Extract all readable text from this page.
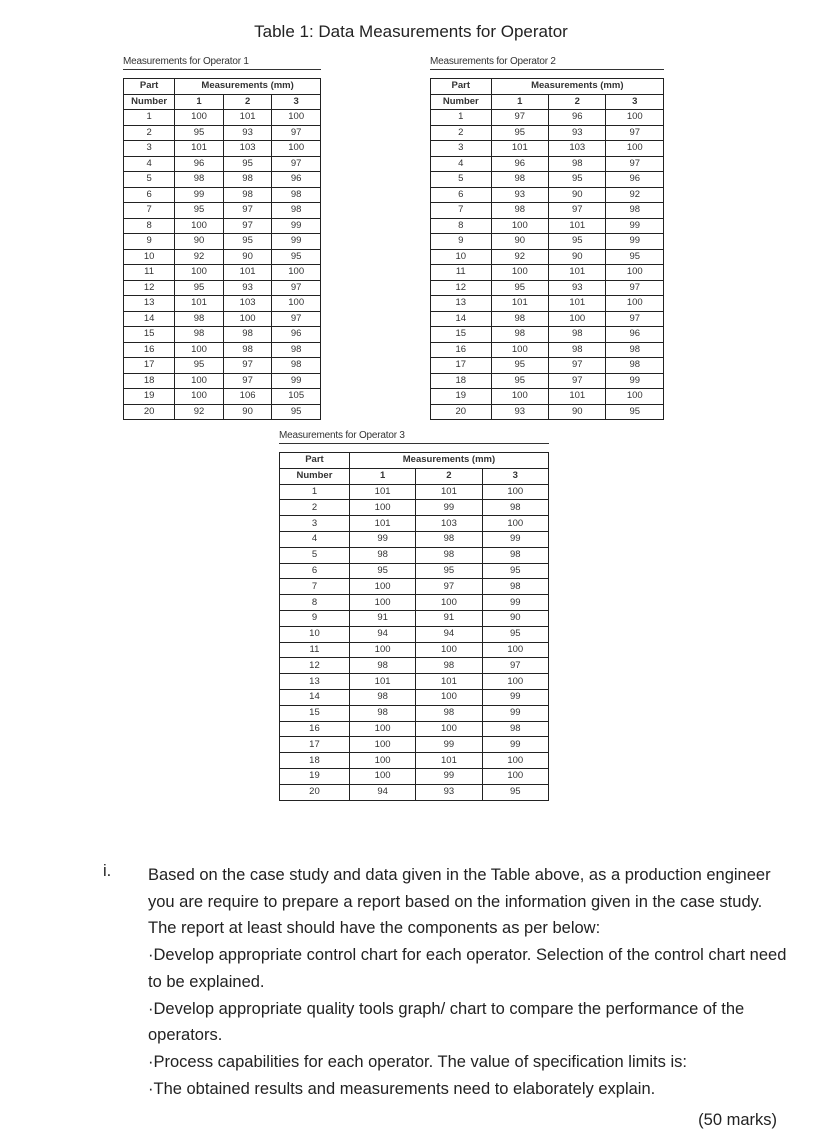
Table 1: Data Measurements for Operator
Measurements for Operator 1
Part	Measurements (mm)		
Number	1	2	3
1	100	101	100
2	95	93	97
3	101	103	100
4	96	95	97
5	98	98	96
6	99	98	98
7	95	97	98
8	100	97	99
9	90	95	99
10	92	90	95
11	100	101	100
12	95	93	97
13	101	103	100
14	98	100	97
15	98	98	96
16	100	98	98
17	95	97	98
18	100	97	99
19	100	106	105
20	92	90	95
Measurements for Operator 2
Part	Measurements (mm)		
Number	1	2	3
1	97	96	100
2	95	93	97
3	101	103	100
4	96	98	97
5	98	95	96
6	93	90	92
7	98	97	98
8	100	101	99
9	90	95	99
10	92	90	95
11	100	101	100
12	95	93	97
13	101	101	100
14	98	100	97
15	98	98	96
16	100	98	98
17	95	97	98
18	95	97	99
19	100	101	100
20	93	90	95
Measurements for Operator 3
Part	Measurements (mm)		
Number	1	2	3
1	101	101	100
2	100	99	98
3	101	103	100
4	99	98	99
5	98	98	98
6	95	95	95
7	100	97	98
8	100	100	99
9	91	91	90
10	94	94	95
11	100	100	100
12	98	98	97
13	101	101	100
14	98	100	99
15	98	98	99
16	100	100	98
17	100	99	99
18	100	101	100
19	100	99	100
20	94	93	95
i. Based on the case study and data given in the Table above, as a production engineer you are require to prepare a report based on the information given in the case study. The report at least should have the components as per below:
·Develop appropriate control chart for each operator. Selection of the control chart need to be explained.
·Develop appropriate quality tools graph/ chart to compare the performance of the operators.
·Process capabilities for each operator. The value of specification limits is:
·The obtained results and measurements need to elaborately explain.
(50 marks)
